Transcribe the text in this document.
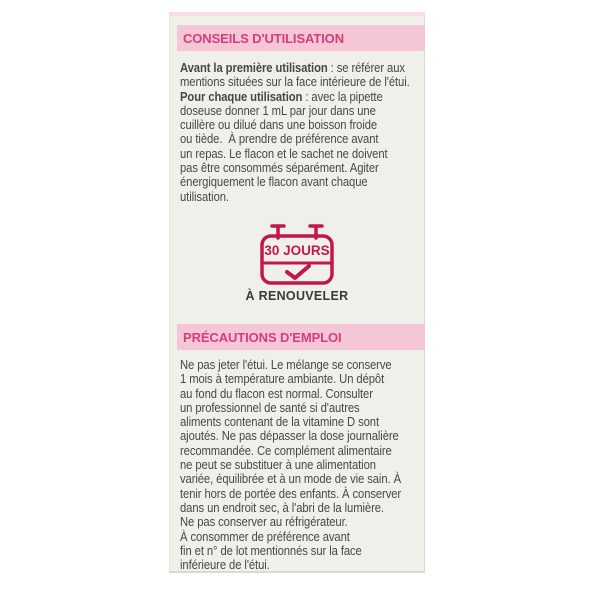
CONSEILS D'UTILISATION
Avant la première utilisation : se référer aux
mentions situées sur la face intérieure de l'étui.
Pour chaque utilisation : avec la pipette
doseuse donner 1 mL par jour dans une
cuillère ou dilué dans une boisson froide
ou tiède.  À prendre de préférence avant
un repas. Le flacon et le sachet ne doivent
pas être consommés séparément. Agiter
énergiquement le flacon avant chaque
utilisation.
30 JOURS
À RENOUVELER
PRÉCAUTIONS D'EMPLOI
Ne pas jeter l'étui. Le mélange se conserve
1 mois à température ambiante. Un dépôt
au fond du flacon est normal. Consulter
un professionnel de santé si d'autres
aliments contenant de la vitamine D sont
ajoutés. Ne pas dépasser la dose journalière
recommandée. Ce complément alimentaire
ne peut se substituer à une alimentation
variée, équilibrée et à un mode de vie sain. À
tenir hors de portée des enfants. À conserver
dans un endroit sec, à l'abri de la lumière.
Ne pas conserver au réfrigérateur.
À consommer de préférence avant
fin et n° de lot mentionnés sur la face
inférieure de l'étui.
